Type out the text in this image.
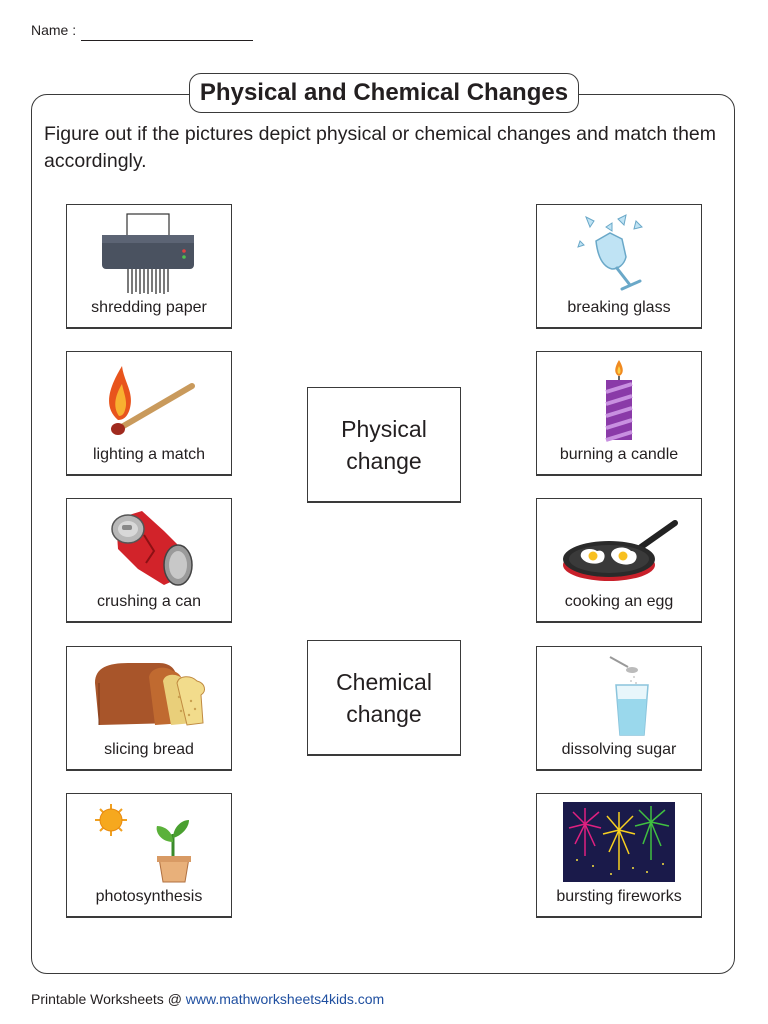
Name :
Physical and Chemical Changes
Figure out if the pictures depict physical or chemical changes and match them accordingly.
shredding paper
lighting a match
crushing a can
slicing bread
photosynthesis
Physical
change
Chemical
change
breaking glass
burning a candle
cooking an egg
dissolving sugar
bursting fireworks
Printable Worksheets @ www.mathworksheets4kids.com
